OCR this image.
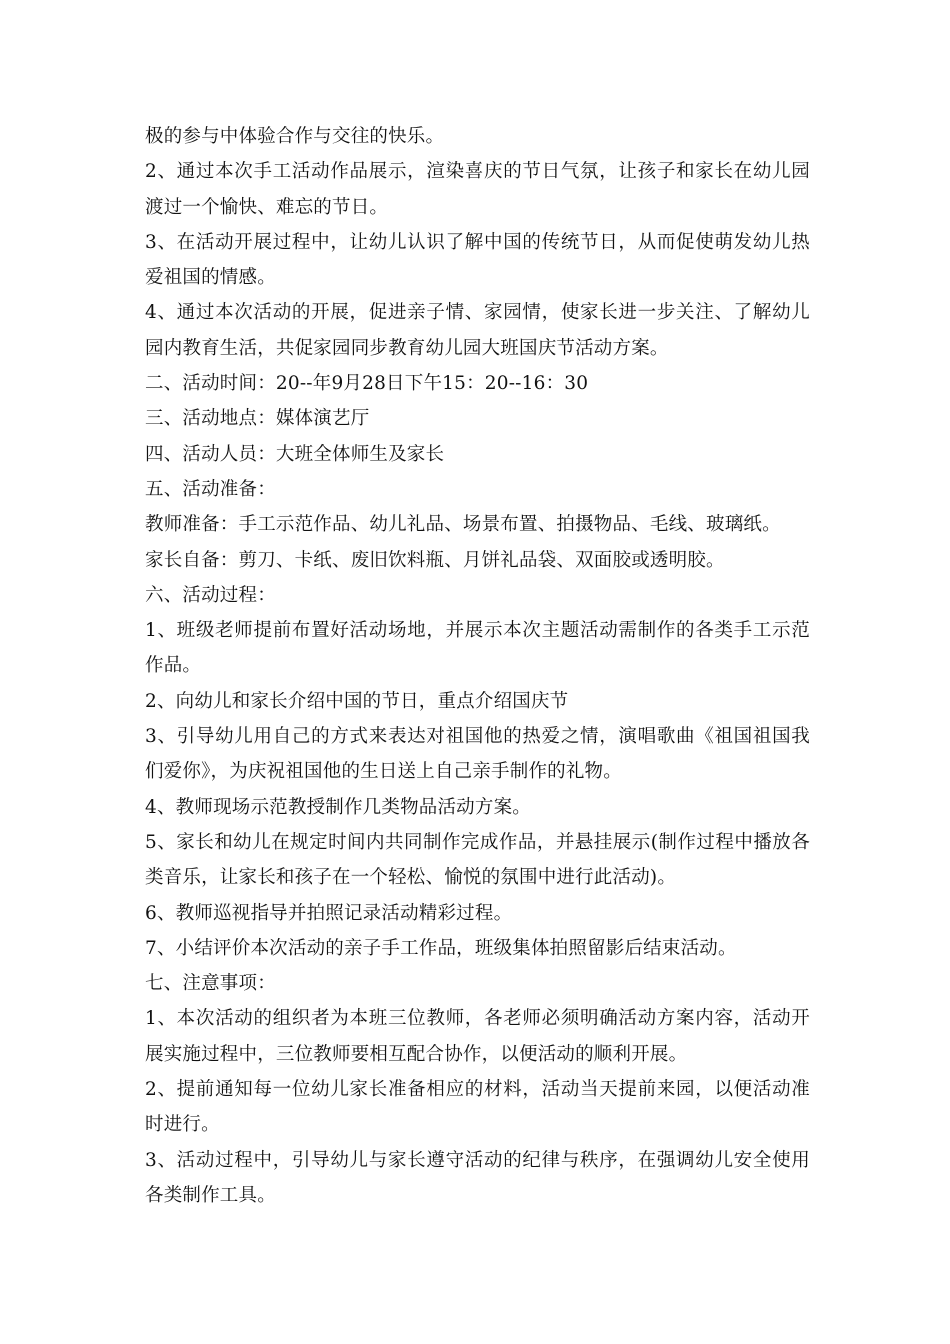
极的参与中体验合作与交往的快乐。

2、通过本次手工活动作品展示，渲染喜庆的节日气氛，让孩子和家长在幼儿园渡过一个愉快、难忘的节日。

3、在活动开展过程中，让幼儿认识了解中国的传统节日，从而促使萌发幼儿热爱祖国的情感。

4、通过本次活动的开展，促进亲子情、家园情，使家长进一步关注、了解幼儿园内教育生活，共促家园同步教育幼儿园大班国庆节活动方案。

二、活动时间：20--年9月28日下午15：20--16：30

三、活动地点：媒体演艺厅

四、活动人员：大班全体师生及家长

五、活动准备：

教师准备：手工示范作品、幼儿礼品、场景布置、拍摄物品、毛线、玻璃纸。

家长自备：剪刀、卡纸、废旧饮料瓶、月饼礼品袋、双面胶或透明胶。

六、活动过程：

1、班级老师提前布置好活动场地，并展示本次主题活动需制作的各类手工示范作品。

2、向幼儿和家长介绍中国的节日，重点介绍国庆节

3、引导幼儿用自己的方式来表达对祖国他的热爱之情，演唱歌曲《祖国祖国我们爱你》，为庆祝祖国他的生日送上自己亲手制作的礼物。

4、教师现场示范教授制作几类物品活动方案。

5、家长和幼儿在规定时间内共同制作完成作品，并悬挂展示(制作过程中播放各类音乐，让家长和孩子在一个轻松、愉悦的氛围中进行此活动)。

6、教师巡视指导并拍照记录活动精彩过程。

7、小结评价本次活动的亲子手工作品，班级集体拍照留影后结束活动。

七、注意事项：

1、本次活动的组织者为本班三位教师，各老师必须明确活动方案内容，活动开展实施过程中，三位教师要相互配合协作，以便活动的顺利开展。

2、提前通知每一位幼儿家长准备相应的材料，活动当天提前来园，以便活动准时进行。

3、活动过程中，引导幼儿与家长遵守活动的纪律与秩序，在强调幼儿安全使用各类制作工具。
